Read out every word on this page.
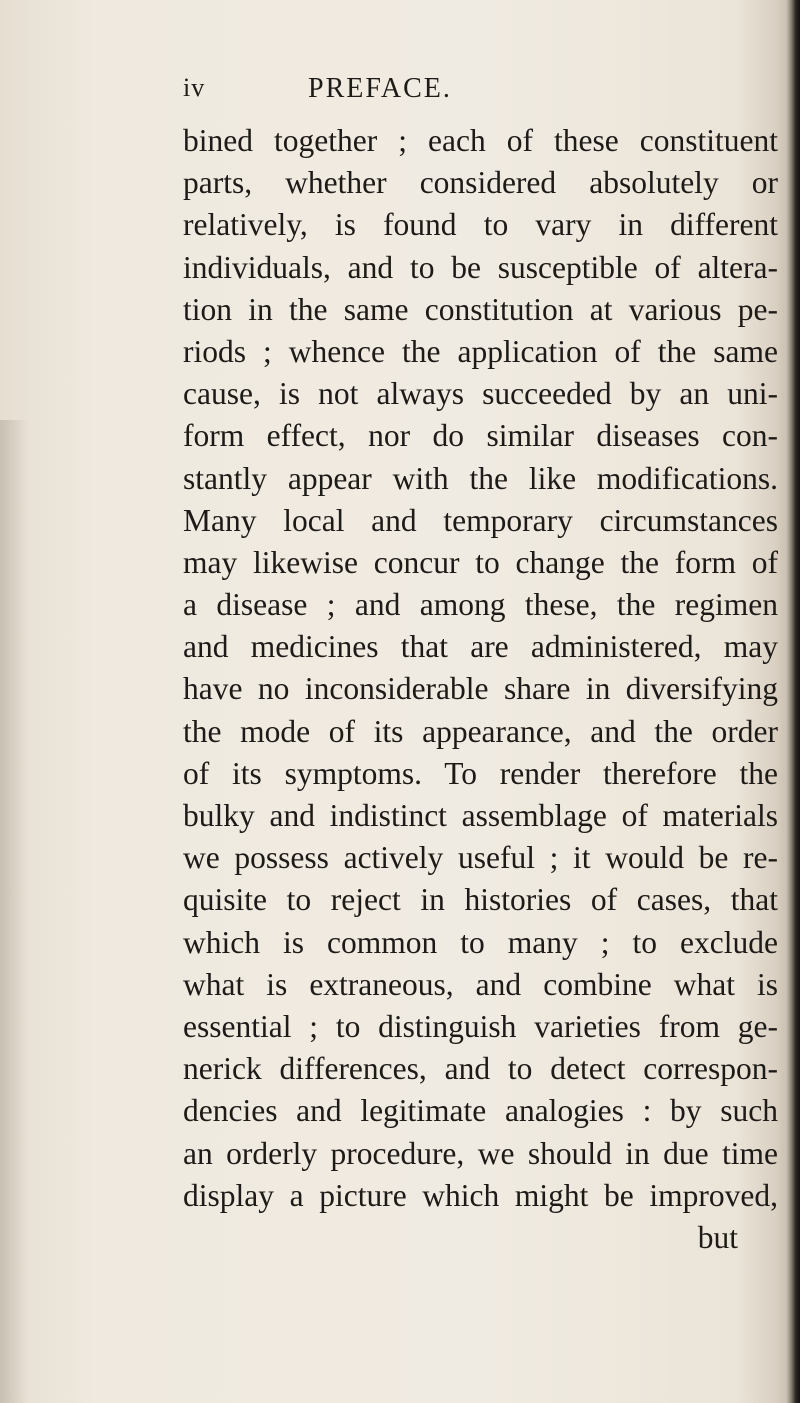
iv	PREFACE.
bined together ; each of these constituent
parts, whether considered absolutely or
relatively, is found to vary in different
individuals, and to be susceptible of altera-
tion in the same constitution at various pe-
riods ; whence the application of the same
cause, is not always succeeded by an uni-
form effect, nor do similar diseases con-
stantly appear with the like modifications.
Many local and temporary circumstances
may likewise concur to change the form of
a disease ; and among these, the regimen
and medicines that are administered, may
have no inconsiderable share in diversifying
the mode of its appearance, and the order
of its symptoms. To render therefore the
bulky and indistinct assemblage of materials
we possess actively useful ; it would be re-
quisite to reject in histories of cases, that
which is common to many ; to exclude
what is extraneous, and combine what is
essential ; to distinguish varieties from ge-
nerick differences, and to detect correspon-
dencies and legitimate analogies : by such
an orderly procedure, we should in due time
display a picture which might be improved,
but
